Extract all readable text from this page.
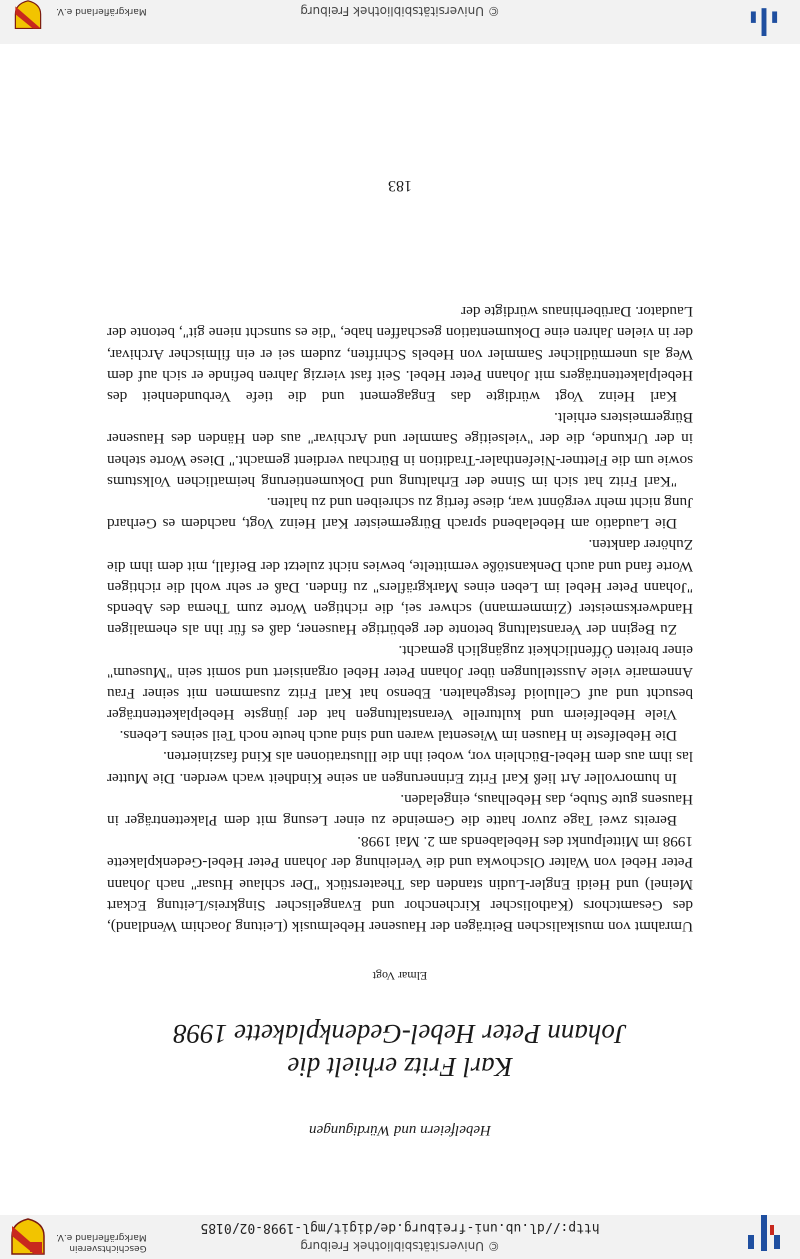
© Universitätsbibliothek Freiburg
http://dl.ub.uni-freiburg.de/digit/mgl-1998-02/0185
Geschichtsverein
Markgräflerland e.V.
Hebelfeiern und Würdigungen
Karl Fritz erhielt die
Johann Peter Hebel-Gedenkplakette 1998
Elmar Vogt

Umrahmt von musikalischen Beiträgen der Hausener Hebelmusik (Leitung Joachim Wendland), des Gesamtchors (Katholischer Kirchenchor und Evangelischer Singkreis/Leitung Eckart Meinel) und Heidi Engler-Ludin standen das Theaterstück "Der schlaue Husar" nach Johann Peter Hebel von Walter Olschowka und die Verleihung der Johann Peter Hebel-Gedenkplakette 1998 im Mittelpunkt des Hebelabends am 2. Mai 1998.

Bereits zwei Tage zuvor hatte die Gemeinde zu einer Lesung mit dem Plakettenträger in Hausens gute Stube, das Hebelhaus, eingeladen.

In humorvoller Art ließ Karl Fritz Erinnerungen an seine Kindheit wach werden. Die Mutter las ihm aus dem Hebel-Büchlein vor, wobei ihn die Illustrationen als Kind faszinierten.

Die Hebelfeste in Hausen im Wiesental waren und sind auch heute noch Teil seines Lebens.

Viele Hebelfeiern und kulturelle Veranstaltungen hat der jüngste Hebelplakettenträger besucht und auf Celluloid festgehalten. Ebenso hat Karl Fritz zusammen mit seiner Frau Annemarie viele Ausstellungen über Johann Peter Hebel organisiert und somit sein "Museum" einer breiten Öffentlichkeit zugänglich gemacht.

Zu Beginn der Veranstaltung betonte der gebürtige Hausener, daß es für ihn als ehemaligen Handwerksmeister (Zimmermann) schwer sei, die richtigen Worte zum Thema des Abends "Johann Peter Hebel im Leben eines Markgräflers" zu finden. Daß er sehr wohl die richtigen Worte fand und auch Denkanstöße vermittelte, bewies nicht zuletzt der Beifall, mit dem ihm die Zuhörer dankten.

Die Laudatio am Hebelabend sprach Bürgermeister Karl Heinz Vogt, nachdem es Gerhard Jung nicht mehr vergönnt war, diese fertig zu schreiben und zu halten.

"Karl Fritz hat sich im Sinne der Erhaltung und Dokumentierung heimatlichen Volkstums sowie um die Flettner-Niefenthaler-Tradition in Bürchau verdient gemacht." Diese Worte stehen in der Urkunde, die der "vielseitige Sammler und Archivar" aus den Händen des Hausener Bürgermeisters erhielt.

Karl Heinz Vogt würdigte das Engagement und die tiefe Verbundenheit des Hebelplakettenträgers mit Johann Peter Hebel. Seit fast vierzig Jahren befinde er sich auf dem Weg als unermüdlicher Sammler von Hebels Schriften, zudem sei er ein filmischer Archivar, der in vielen Jahren eine Dokumentation geschaffen habe, "die es sunscht niene git", betonte der Laudator. Darüberhinaus würdigte der

183
© Universitätsbibliothek Freiburg
Markgräflerland e.V.
